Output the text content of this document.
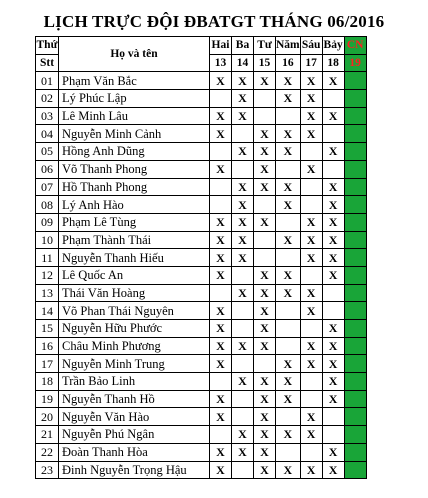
LỊCH TRỰC ĐỘI ĐBATGT THÁNG 06/2016
Thứ	Họ và tên	Hai	Ba	Tư	Năm	Sáu	Bảy	CN
Stt		13	14	15	16	17	18	19
01	Phạm Văn Bắc	X	X	X	X	X	X	
02	Lý Phúc Lập		X		X	X		
03	Lê Minh Lâu	X	X			X	X	
04	Nguyễn Minh Cảnh	X		X	X	X		
05	Hồng Anh Dũng		X	X	X		X	
06	Võ Thanh Phong	X		X		X		
07	Hồ Thanh Phong		X	X	X		X	
08	Lý Anh Hào		X		X		X	
09	Phạm Lê Tùng	X	X	X		X	X	
10	Phạm Thành Thái	X	X		X	X	X	
11	Nguyễn Thanh Hiếu	X	X			X	X	
12	Lê Quốc An	X		X	X		X	
13	Thái Văn Hoàng		X	X	X	X		
14	Võ Phan Thái Nguyên	X		X		X		
15	Nguyễn Hữu Phước	X		X			X	
16	Châu Minh Phương	X	X	X		X	X	
17	Nguyễn Minh Trung	X			X	X	X	
18	Trần Bảo Linh		X	X	X		X	
19	Nguyễn Thanh Hồ	X		X	X		X	
20	Nguyễn Văn Hào	X		X		X		
21	Nguyễn Phú Ngân		X	X	X	X		
22	Đoàn Thanh Hòa	X	X	X			X	
23	Đinh Nguyễn Trọng Hậu	X		X	X	X	X	
